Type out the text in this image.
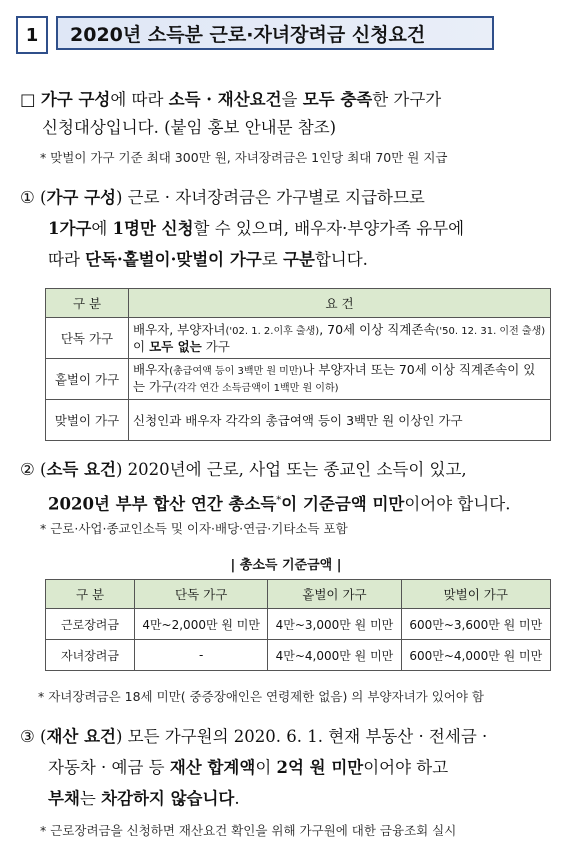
1	2020년 소득분 근로·자녀장려금 신청요건
□ 가구 구성에 따라 소득 · 재산요건을 모두 충족한 가구가
신청대상입니다. (붙임 홍보 안내문 참조)
* 맞벌이 가구 기준 최대 300만 원, 자녀장려금은 1인당 최대 70만 원 지급
① (가구 구성) 근로 · 자녀장려금은 가구별로 지급하므로
1가구에 1명만 신청할 수 있으며, 배우자·부양가족 유무에
따라 단독·홑벌이·맞벌이 가구로 구분합니다.
구 분	요 건
단독 가구	배우자, 부양자녀('02. 1. 2.이후 출생), 70세 이상 직계존속('50. 12. 31. 이전 출생)이 모두 없는 가구
홑벌이 가구	배우자(총급여액 등이 3백만 원 미만)나 부양자녀 또는 70세 이상 직계존속이 있는 가구(각각 연간 소득금액이 1백만 원 이하)
맞벌이 가구	신청인과 배우자 각각의 총급여액 등이 3백만 원 이상인 가구
② (소득 요건) 2020년에 근로, 사업 또는 종교인 소득이 있고,
2020년 부부 합산 연간 총소득*이 기준금액 미만이어야 합니다.
* 근로·사업·종교인소득 및 이자·배당·연금·기타소득 포함
| 총소득 기준금액 |
구 분	단독 가구	홑벌이 가구	맞벌이 가구
근로장려금	4만~2,000만 원 미만	4만~3,000만 원 미만	600만~3,600만 원 미만
자녀장려금	-	4만~4,000만 원 미만	600만~4,000만 원 미만
* 자녀장려금은 18세 미만( 중증장애인은 연령제한 없음) 의 부양자녀가 있어야 함
③ (재산 요건) 모든 가구원의 2020. 6. 1. 현재 부동산 · 전세금 ·
자동차 · 예금 등 재산 합계액이 2억 원 미만이어야 하고
부채는 차감하지 않습니다.
* 근로장려금을 신청하면 재산요건 확인을 위해 가구원에 대한 금융조회 실시
